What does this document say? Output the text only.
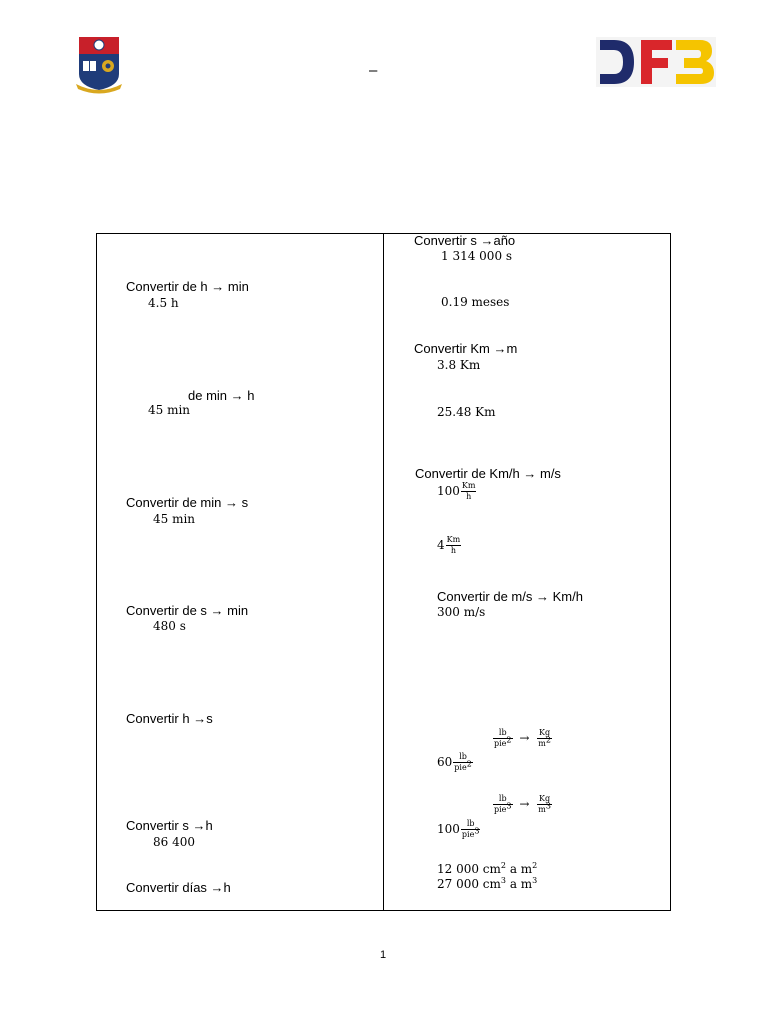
–
Convertir de h → min
4.5 h
de min → h
45 min
Convertir de min → s
45 min
Convertir de s → min
480 s
Convertir h →s
Convertir s →h
86 400
Convertir días →h
Convertir s →año
1 314 000 s
0.19 meses
Convertir Km →m
3.8 Km
25.48 Km
Convertir de Km/h → m/s
$100 \frac{Km}{h}$
$4 \frac{Km}{h}$
Convertir de m/s → Km/h
300 m/s
$\frac{lb}{pie^2} \to \frac{Kg}{m^2}$
$60 \frac{lb}{pie^2}$
$\frac{lb}{pie^3} \to \frac{Kg}{m^3}$
$100 \frac{lb}{pie^3}$
12 000 $cm^2$ a $m^2$
27 000 $cm^3$ a $m^3$
1
